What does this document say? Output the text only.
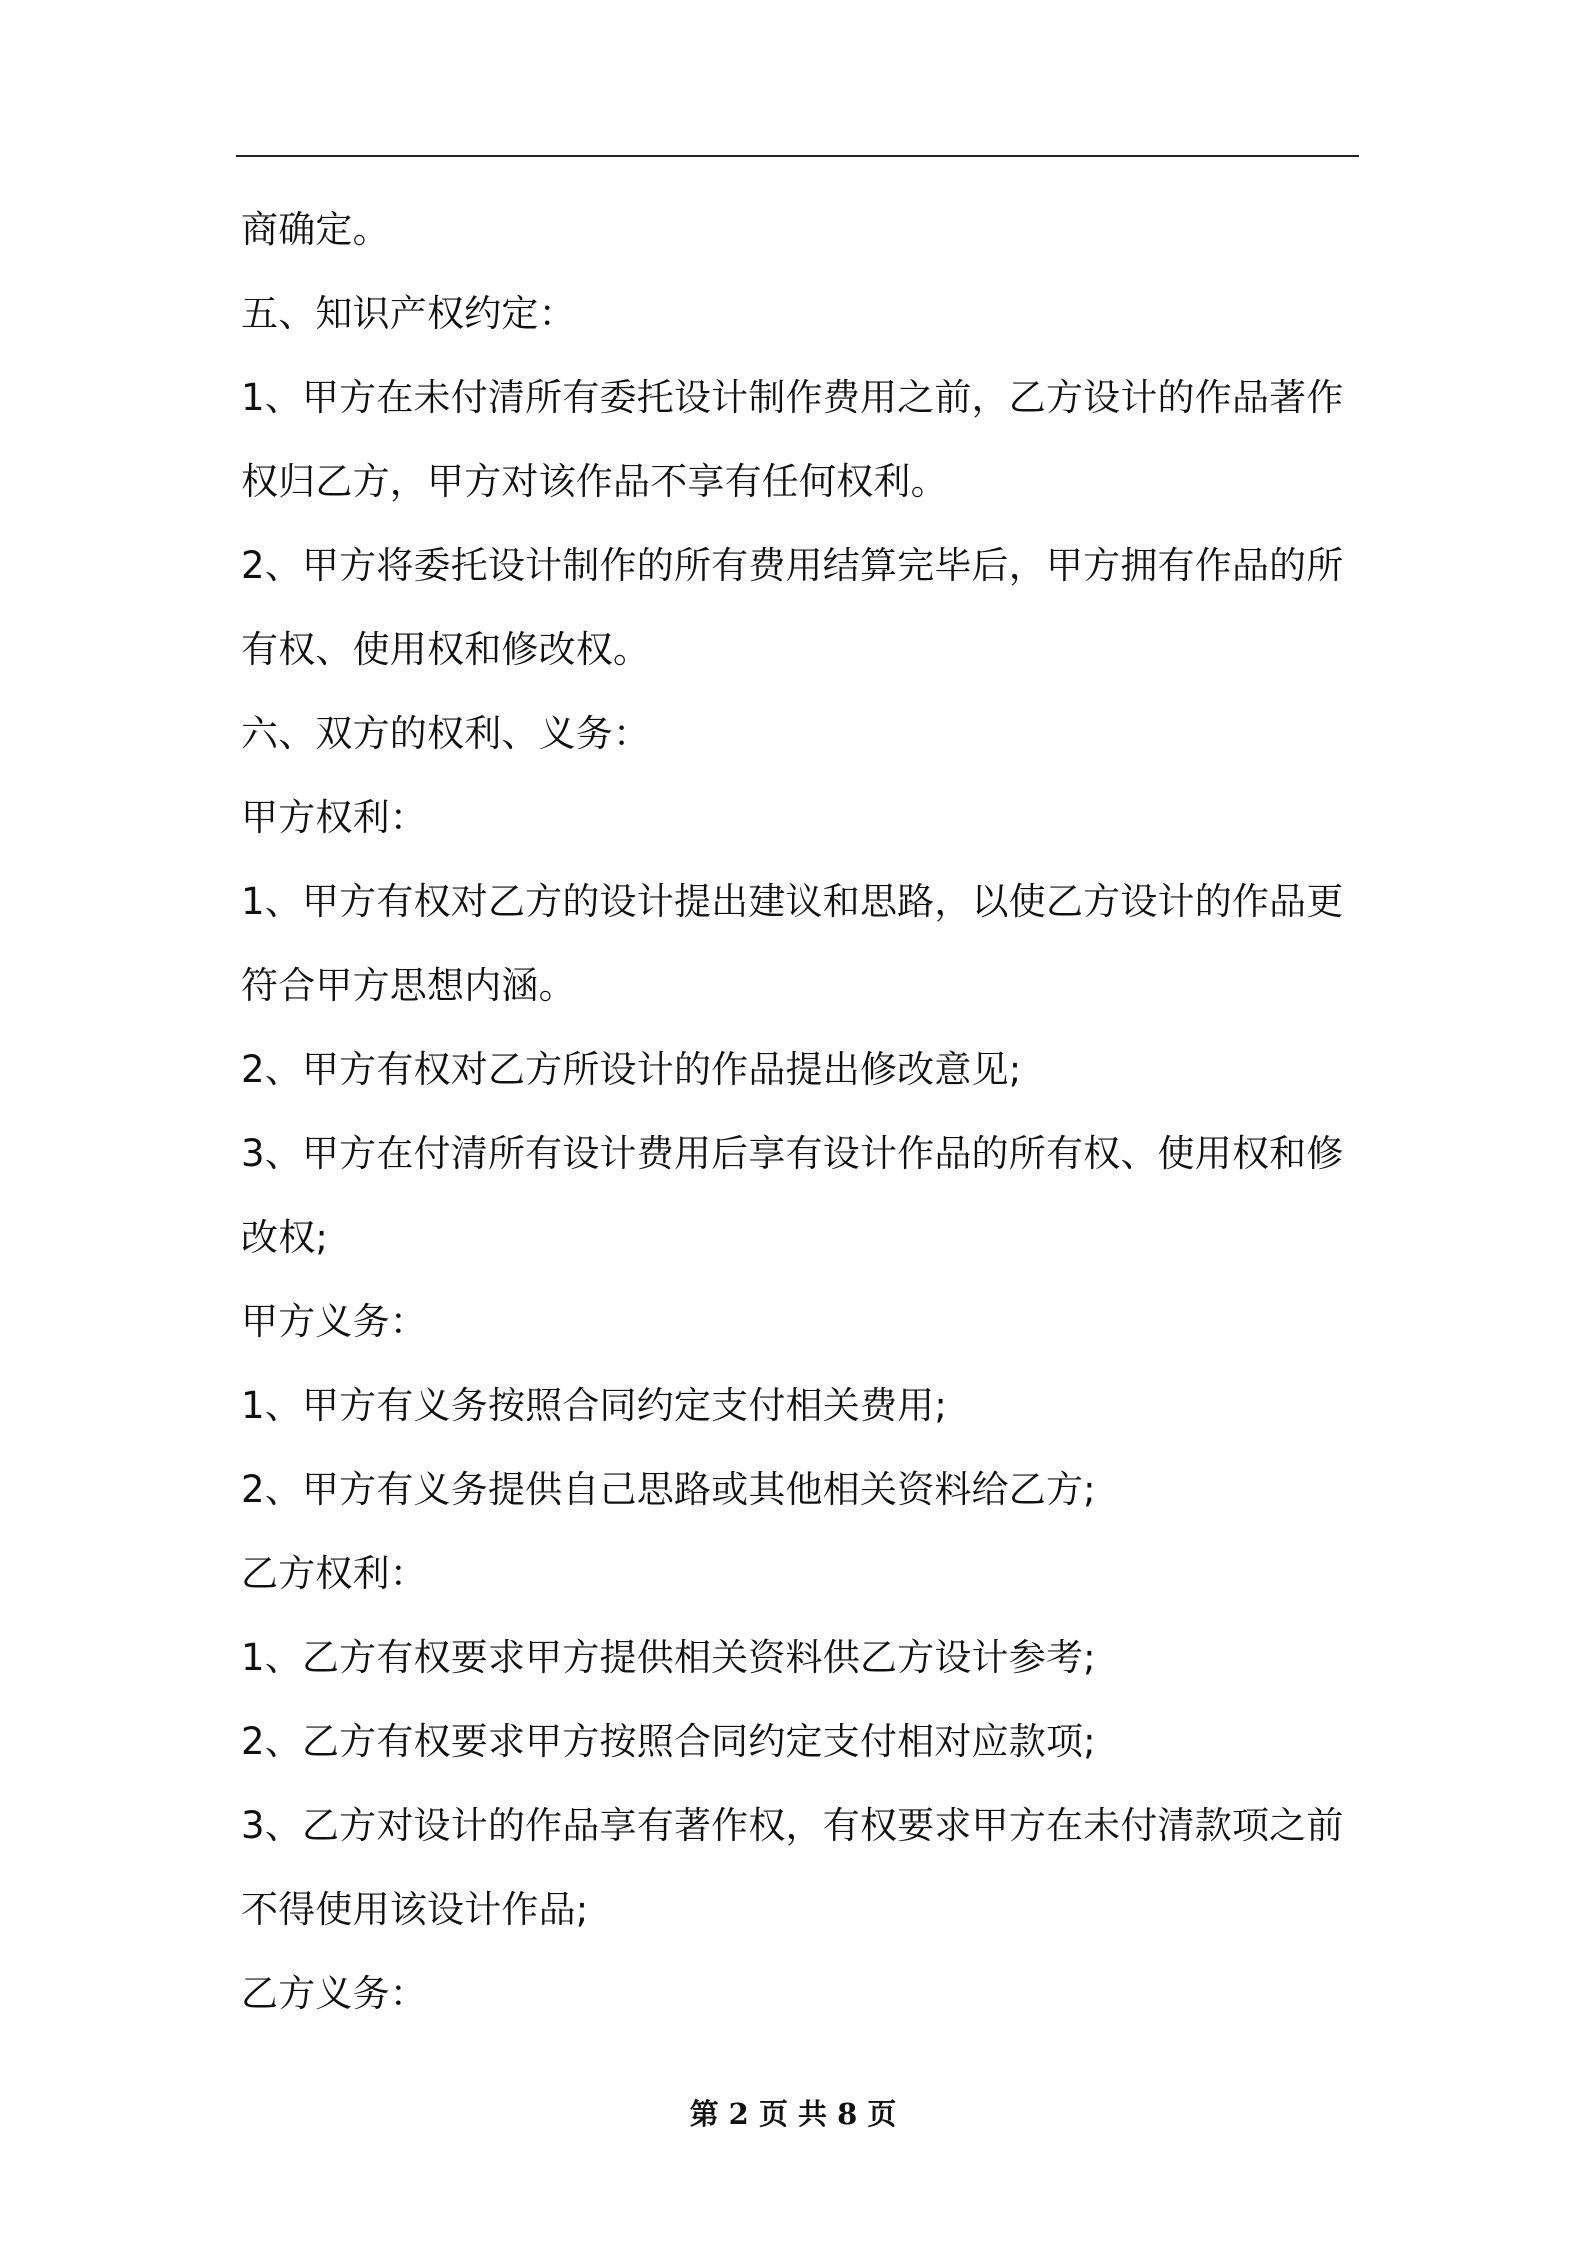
商确定。
五、知识产权约定：
1、甲方在未付清所有委托设计制作费用之前，乙方设计的作品著作
权归乙方，甲方对该作品不享有任何权利。
2、甲方将委托设计制作的所有费用结算完毕后，甲方拥有作品的所
有权、使用权和修改权。
六、双方的权利、义务：
甲方权利：
1、甲方有权对乙方的设计提出建议和思路，以使乙方设计的作品更
符合甲方思想内涵。
2、甲方有权对乙方所设计的作品提出修改意见;
3、甲方在付清所有设计费用后享有设计作品的所有权、使用权和修
改权;
甲方义务：
1、甲方有义务按照合同约定支付相关费用;
2、甲方有义务提供自己思路或其他相关资料给乙方;
乙方权利：
1、乙方有权要求甲方提供相关资料供乙方设计参考;
2、乙方有权要求甲方按照合同约定支付相对应款项;
3、乙方对设计的作品享有著作权，有权要求甲方在未付清款项之前
不得使用该设计作品;
乙方义务：
第 2 页 共 8 页
